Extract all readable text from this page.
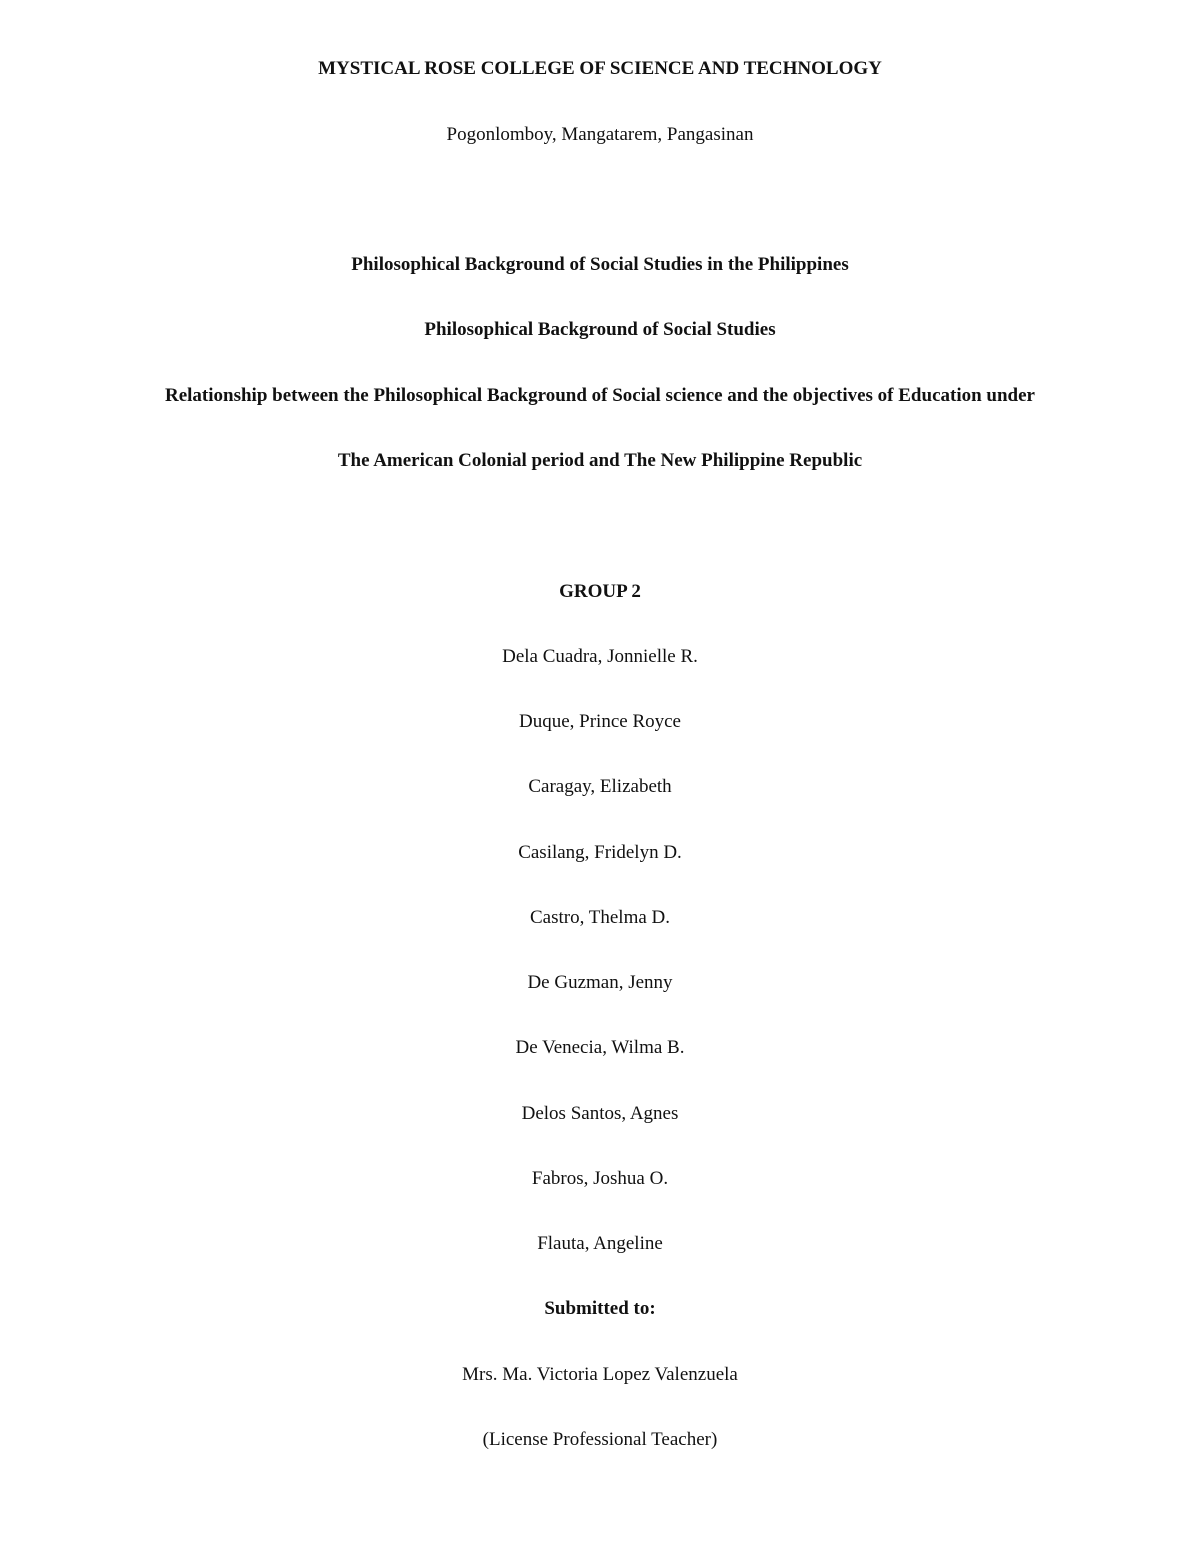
MYSTICAL ROSE COLLEGE OF SCIENCE AND TECHNOLOGY
Pogonlomboy, Mangatarem, Pangasinan
Philosophical Background of Social Studies in the Philippines
Philosophical Background of Social Studies
Relationship between the Philosophical Background of Social science and the objectives of Education under
The American Colonial period and The New Philippine Republic
GROUP 2
Dela Cuadra, Jonnielle R.
Duque, Prince Royce
Caragay, Elizabeth
Casilang, Fridelyn D.
Castro, Thelma D.
De Guzman, Jenny
De Venecia, Wilma B.
Delos Santos, Agnes
Fabros, Joshua O.
Flauta, Angeline
Submitted to:
Mrs. Ma. Victoria Lopez Valenzuela
(License Professional Teacher)
